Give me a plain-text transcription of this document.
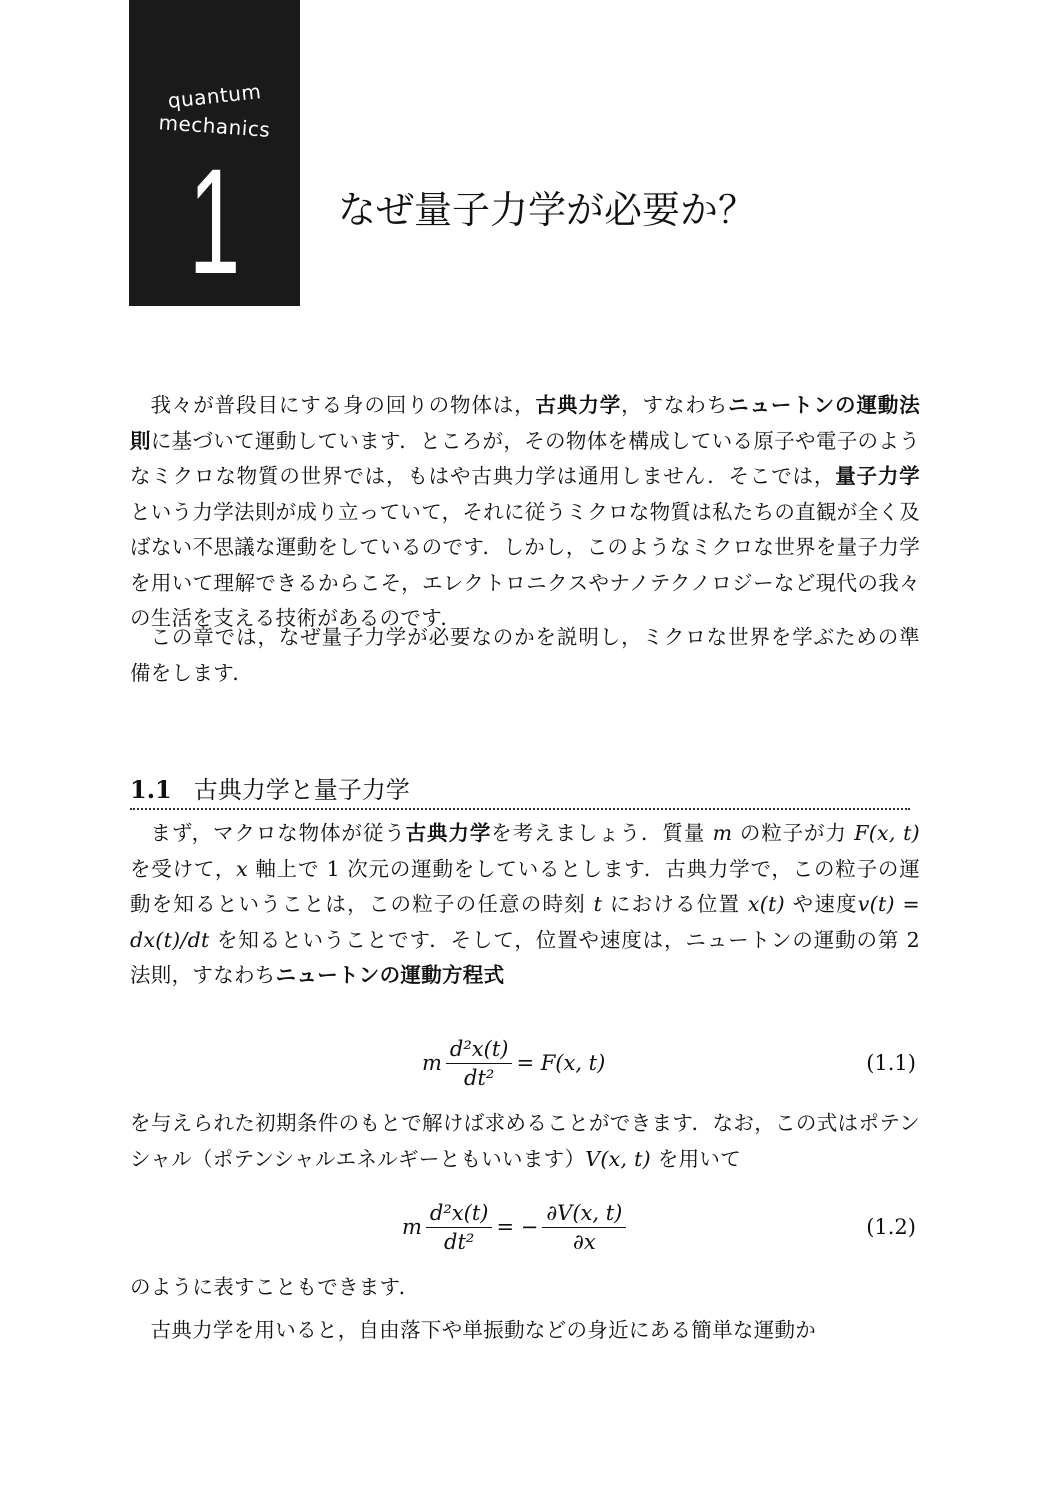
quantum
mechanics
1	なぜ量子力学が必要か？

我々が普段目にする身の回りの物体は，古典力学，すなわちニュートンの運動法則に基づいて運動しています．ところが，その物体を構成している原子や電子のようなミクロな物質の世界では，もはや古典力学は通用しません．そこでは，量子力学という力学法則が成り立っていて，それに従うミクロな物質は私たちの直観が全く及ばない不思議な運動をしているのです．しかし，このようなミクロな世界を量子力学を用いて理解できるからこそ，エレクトロニクスやナノテクノロジーなど現代の我々の生活を支える技術があるのです．

この章では，なぜ量子力学が必要なのかを説明し，ミクロな世界を学ぶための準備をします．

1.1 古典力学と量子力学

まず，マクロな物体が従う古典力学を考えましょう．質量 m の粒子が力 F(x, t) を受けて，x 軸上で 1 次元の運動をしているとします．古典力学で，この粒子の運動を知るということは，この粒子の任意の時刻 t における位置 x(t) や速度v(t) = dx(t)/dt を知るということです．そして，位置や速度は，ニュートンの運動の第 2 法則，すなわちニュートンの運動方程式

m $\frac{\text{d²x(t)}}{\text{dt²}} = F(x$, t)	(1.1)

を与えられた初期条件のもとで解けば求めることができます．なお，この式はポテンシャル（ポテンシャルエネルギーともいいます）V(x, t) を用いて

m $\frac{\text{d²x(t)}}{\text{dt²}}$ = − $\frac{\partial V(x, t)}{\partial x}$	(1.2)

のように表すこともできます．

古典力学を用いると，自由落下や単振動などの身近にある簡単な運動か
